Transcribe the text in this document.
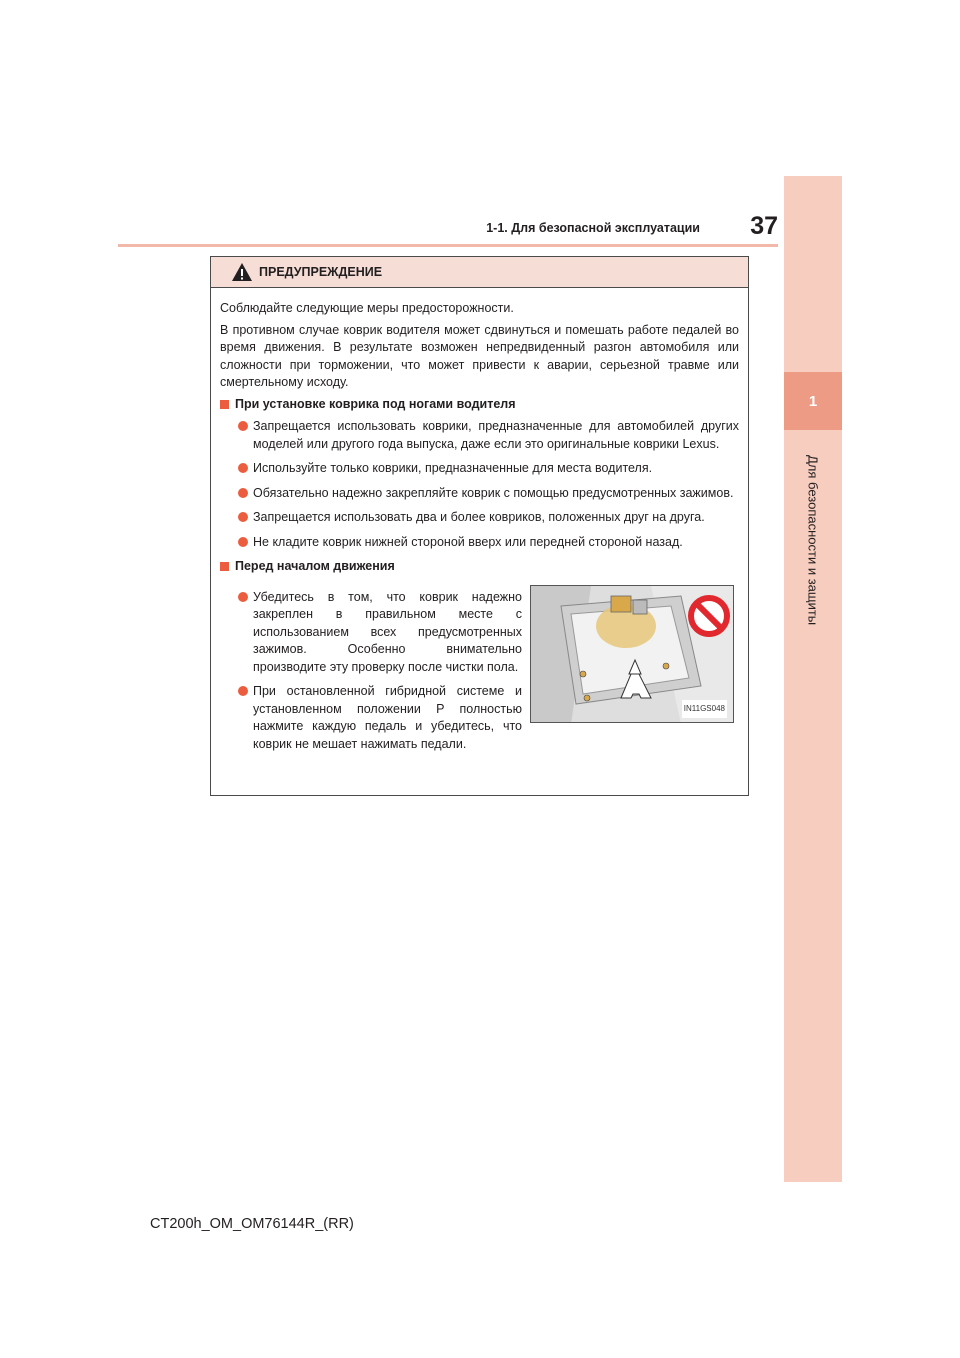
1
Для безопасности и защиты
1-1. Для безопасной эксплуатации	37
ПРЕДУПРЕЖДЕНИЕ
Соблюдайте следующие меры предосторожности.
В противном случае коврик водителя может сдвинуться и помешать работе педалей во время движения. В результате возможен непредвиденный разгон автомобиля или сложности при торможении, что может привести к аварии, серьезной травме или смертельному исходу.
При установке коврика под ногами водителя
Запрещается использовать коврики, предназначенные для автомобилей других моделей или другого года выпуска, даже если это оригинальные коврики Lexus.
Используйте только коврики, предназначенные для места водителя.
Обязательно надежно закрепляйте коврик с помощью предусмотренных зажимов.
Запрещается использовать два и более ковриков, положенных друг на друга.
Не кладите коврик нижней стороной вверх или передней стороной назад.
Перед началом движения
Убедитесь в том, что коврик надежно закреплен в правильном месте с использованием всех предусмотренных зажимов. Особенно внимательно производите эту проверку после чистки пола.
При остановленной гибридной системе и установленном положении P полностью нажмите каждую педаль и убедитесь, что коврик не мешает нажимать педали.
IN11GS048
CT200h_OM_OM76144R_(RR)
